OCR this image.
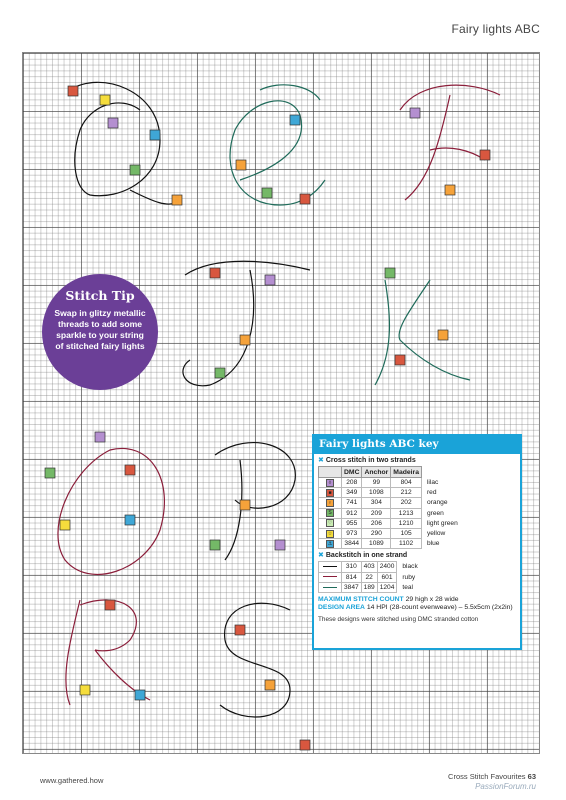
Fairy lights ABC
Stitch Tip
Swap in glitzy metallic threads to add some sparkle to your string of stitched fairy lights
Fairy lights ABC key
✖ Cross stitch in two strands
	DMC	Anchor	Madeira	
◊	208	99	804	lilac
■	349	1098	212	red
♀	741	304	202	orange
S	912	209	1213	green
♡	955	206	1210	light green
☆	973	290	105	yellow
⚓	3844	1089	1102	blue
✖ Backstitch in one strand
	310	403	2400	black
	814	22	601	ruby
	3847	189	1204	teal
MAXIMUM STITCH COUNT 29 high x 28 wide
DESIGN AREA 14 HPI (28-count evenweave) – 5.5x5cm (2x2in)
These designs were stitched using DMC stranded cotton
www.gathered.how	Cross Stitch Favourites 63
PassionForum.ru
